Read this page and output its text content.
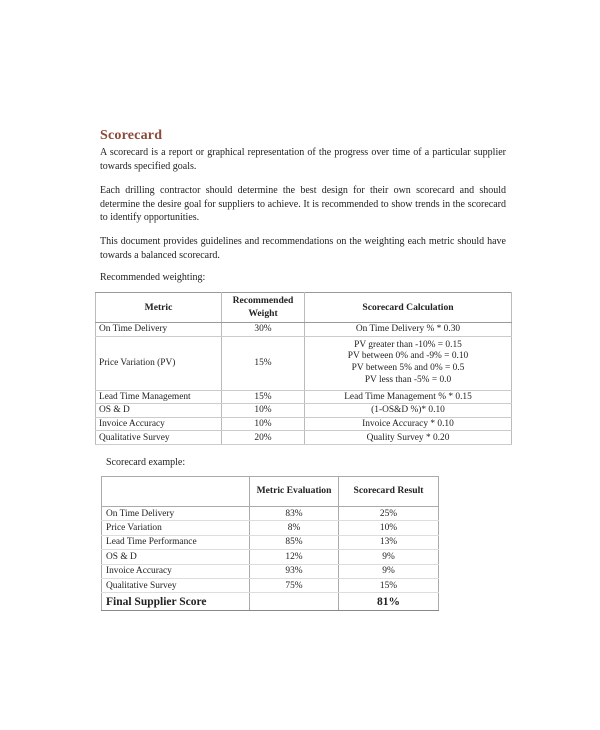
Scorecard
A scorecard is a report or graphical representation of the progress over time of a particular supplier towards specified goals.
Each drilling contractor should determine the best design for their own scorecard and should determine the desire goal for suppliers to achieve. It is recommended to show trends in the scorecard to identify opportunities.
This document provides guidelines and recommendations on the weighting each metric should have towards a balanced scorecard.
Recommended weighting:
Metric	Recommended Weight	Scorecard Calculation
On Time Delivery	30%	On Time Delivery % * 0.30
Price Variation (PV)	15%	PV greater than -10% = 0.15
PV between 0% and -9% = 0.10
PV between 5% and 0% = 0.5
PV less than -5% = 0.0

Lead Time Management	15%	Lead Time Management % * 0.15
OS & D	10%	(1-OS&D %)* 0.10
Invoice Accuracy	10%	Invoice Accuracy * 0.10
Qualitative Survey	20%	Quality Survey * 0.20
Scorecard example:
	Metric Evaluation	Scorecard Result
On Time Delivery	83%	25%
Price Variation	8%	10%
Lead Time Performance	85%	13%
OS & D	12%	9%
Invoice Accuracy	93%	9%
Qualitative Survey	75%	15%
Final Supplier Score		81%
